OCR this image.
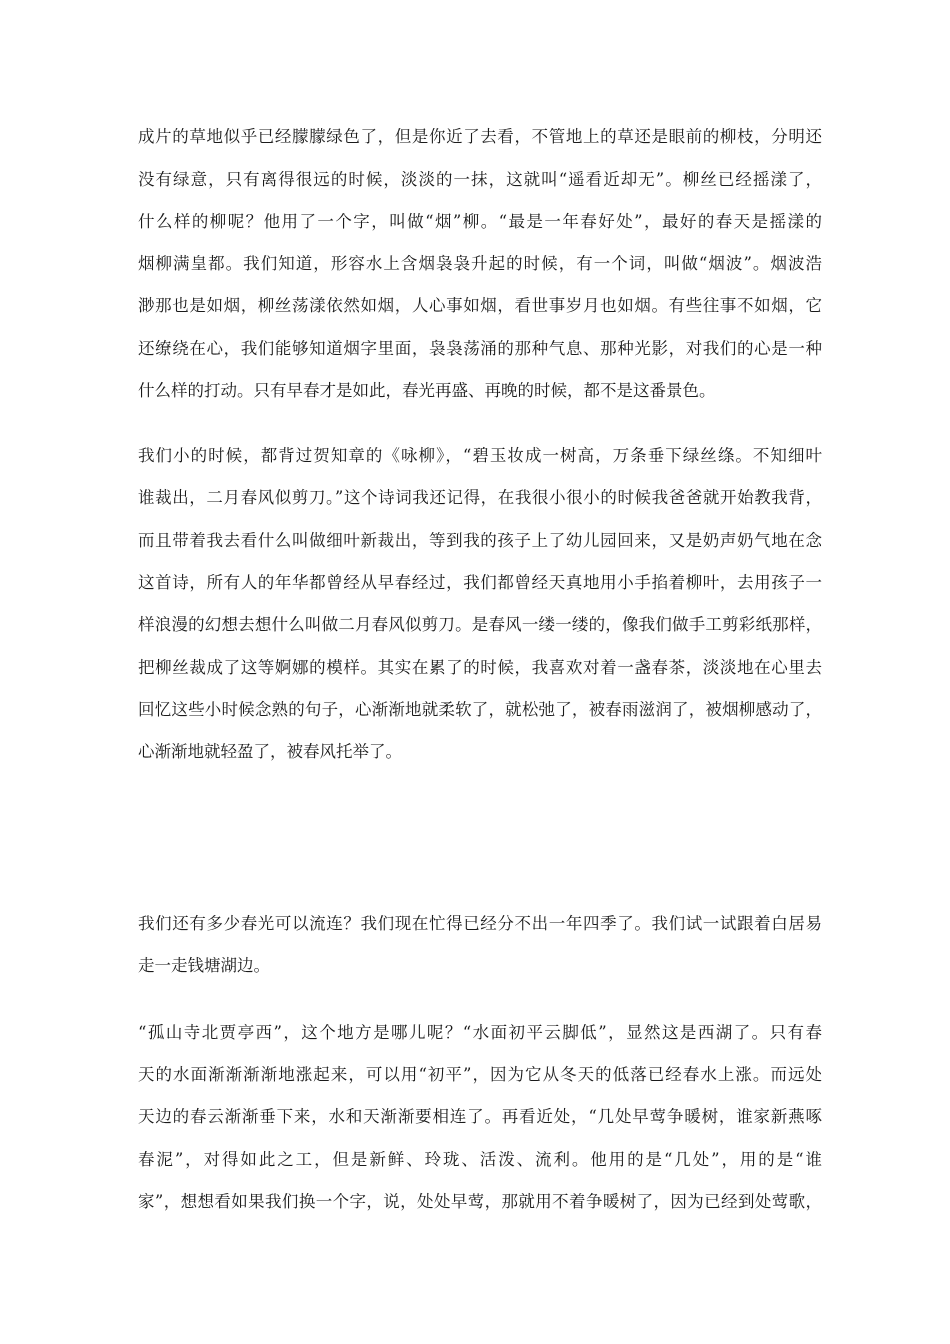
成片的草地似乎已经朦朦绿色了，但是你近了去看，不管地上的草还是眼前的柳枝，分明还
没有绿意，只有离得很远的时候，淡淡的一抹，这就叫“遥看近却无”。柳丝已经摇漾了，
什么样的柳呢？他用了一个字，叫做“烟”柳。“最是一年春好处”，最好的春天是摇漾的
烟柳满皇都。我们知道，形容水上含烟袅袅升起的时候，有一个词，叫做“烟波”。烟波浩
渺那也是如烟，柳丝荡漾依然如烟，人心事如烟，看世事岁月也如烟。有些往事不如烟，它
还缭绕在心，我们能够知道烟字里面，袅袅荡涌的那种气息、那种光影，对我们的心是一种
什么样的打动。只有早春才是如此，春光再盛、再晚的时候，都不是这番景色。
我们小的时候，都背过贺知章的《咏柳》，“碧玉妆成一树高，万条垂下绿丝绦。不知细叶
谁裁出，二月春风似剪刀。”这个诗词我还记得，在我很小很小的时候我爸爸就开始教我背，
而且带着我去看什么叫做细叶新裁出，等到我的孩子上了幼儿园回来，又是奶声奶气地在念
这首诗，所有人的年华都曾经从早春经过，我们都曾经天真地用小手掐着柳叶，去用孩子一
样浪漫的幻想去想什么叫做二月春风似剪刀。是春风一缕一缕的，像我们做手工剪彩纸那样，
把柳丝裁成了这等婀娜的模样。其实在累了的时候，我喜欢对着一盏春茶，淡淡地在心里去
回忆这些小时候念熟的句子，心渐渐地就柔软了，就松弛了，被春雨滋润了，被烟柳感动了，
心渐渐地就轻盈了，被春风托举了。
我们还有多少春光可以流连？我们现在忙得已经分不出一年四季了。我们试一试跟着白居易
走一走钱塘湖边。
“孤山寺北贾亭西”，这个地方是哪儿呢？“水面初平云脚低”，显然这是西湖了。只有春
天的水面渐渐渐渐地涨起来，可以用“初平”，因为它从冬天的低落已经春水上涨。而远处
天边的春云渐渐垂下来，水和天渐渐要相连了。再看近处，“几处早莺争暖树，谁家新燕啄
春泥”，对得如此之工，但是新鲜、玲珑、活泼、流利。他用的是“几处”，用的是“谁
家”，想想看如果我们换一个字，说，处处早莺，那就用不着争暖树了，因为已经到处莺歌，
